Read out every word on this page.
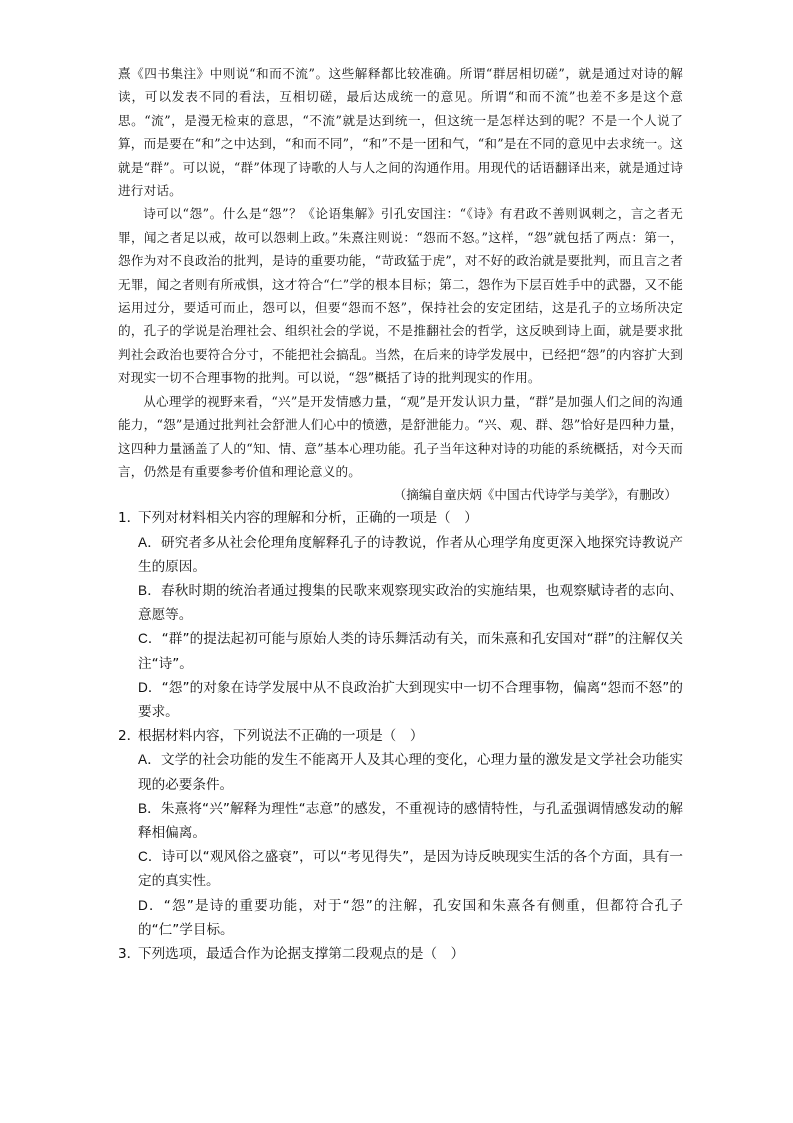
熹《四书集注》中则说“和而不流”。这些解释都比较准确。所谓“群居相切磋”，就是通过对诗的解读，可以发表不同的看法，互相切磋，最后达成统一的意见。所谓“和而不流”也差不多是这个意思。“流”，是漫无检束的意思，“不流”就是达到统一，但这统一是怎样达到的呢？不是一个人说了算，而是要在“和”之中达到，“和而不同”，“和”不是一团和气，“和”是在不同的意见中去求统一。这就是“群”。可以说，“群”体现了诗歌的人与人之间的沟通作用。用现代的话语翻译出来，就是通过诗进行对话。

诗可以“怨”。什么是“怨”？《论语集解》引孔安国注：“《诗》有君政不善则讽刺之，言之者无罪，闻之者足以戒，故可以怨刺上政。”朱熹注则说：“怨而不怒。”这样，“怨”就包括了两点：第一，怨作为对不良政治的批判，是诗的重要功能，“苛政猛于虎”，对不好的政治就是要批判，而且言之者无罪，闻之者则有所戒惧，这才符合“仁”学的根本目标；第二，怨作为下层百姓手中的武器，又不能运用过分，要适可而止，怨可以，但要“怨而不怒”，保持社会的安定团结，这是孔子的立场所决定的，孔子的学说是治理社会、组织社会的学说，不是推翻社会的哲学，这反映到诗上面，就是要求批判社会政治也要符合分寸，不能把社会搞乱。当然，在后来的诗学发展中，已经把“怨”的内容扩大到对现实一切不合理事物的批判。可以说，“怨”概括了诗的批判现实的作用。

从心理学的视野来看，“兴”是开发情感力量，“观”是开发认识力量，“群”是加强人们之间的沟通能力，“怨”是通过批判社会舒泄人们心中的愤懑，是舒泄能力。“兴、观、群、怨”恰好是四种力量，这四种力量涵盖了人的“知、情、意”基本心理功能。孔子当年这种对诗的功能的系统概括，对今天而言，仍然是有重要参考价值和理论意义的。

（摘编自童庆炳《中国古代诗学与美学》，有删改）

1．下列对材料相关内容的理解和分析，正确的一项是（　）

A．研究者多从社会伦理角度解释孔子的诗教说，作者从心理学角度更深入地探究诗教说产生的原因。

B．春秋时期的统治者通过搜集的民歌来观察现实政治的实施结果，也观察赋诗者的志向、意愿等。

C．“群”的提法起初可能与原始人类的诗乐舞活动有关，而朱熹和孔安国对“群”的注解仅关注“诗”。

D．“怨”的对象在诗学发展中从不良政治扩大到现实中一切不合理事物，偏离“怨而不怒”的要求。

2．根据材料内容，下列说法不正确的一项是（　）

A．文学的社会功能的发生不能离开人及其心理的变化，心理力量的激发是文学社会功能实现的必要条件。

B．朱熹将“兴”解释为理性“志意”的感发，不重视诗的感情特性，与孔孟强调情感发动的解释相偏离。

C．诗可以“观风俗之盛衰”，可以“考见得失”，是因为诗反映现实生活的各个方面，具有一定的真实性。

D．“怨”是诗的重要功能，对于“怨”的注解，孔安国和朱熹各有侧重，但都符合孔子的“仁”学目标。

3．下列选项，最适合作为论据支撑第二段观点的是（　）
